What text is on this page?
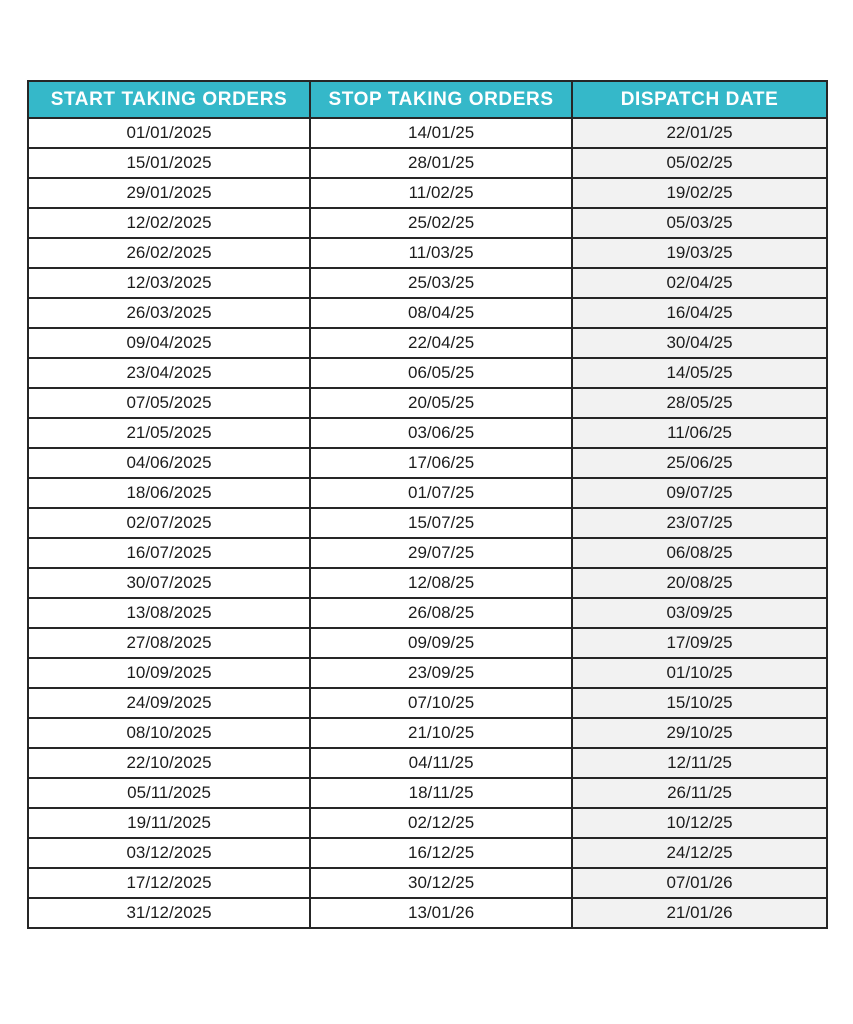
START TAKING ORDERS	STOP TAKING ORDERS	DISPATCH DATE
01/01/2025	14/01/25	22/01/25
15/01/2025	28/01/25	05/02/25
29/01/2025	11/02/25	19/02/25
12/02/2025	25/02/25	05/03/25
26/02/2025	11/03/25	19/03/25
12/03/2025	25/03/25	02/04/25
26/03/2025	08/04/25	16/04/25
09/04/2025	22/04/25	30/04/25
23/04/2025	06/05/25	14/05/25
07/05/2025	20/05/25	28/05/25
21/05/2025	03/06/25	11/06/25
04/06/2025	17/06/25	25/06/25
18/06/2025	01/07/25	09/07/25
02/07/2025	15/07/25	23/07/25
16/07/2025	29/07/25	06/08/25
30/07/2025	12/08/25	20/08/25
13/08/2025	26/08/25	03/09/25
27/08/2025	09/09/25	17/09/25
10/09/2025	23/09/25	01/10/25
24/09/2025	07/10/25	15/10/25
08/10/2025	21/10/25	29/10/25
22/10/2025	04/11/25	12/11/25
05/11/2025	18/11/25	26/11/25
19/11/2025	02/12/25	10/12/25
03/12/2025	16/12/25	24/12/25
17/12/2025	30/12/25	07/01/26
31/12/2025	13/01/26	21/01/26
